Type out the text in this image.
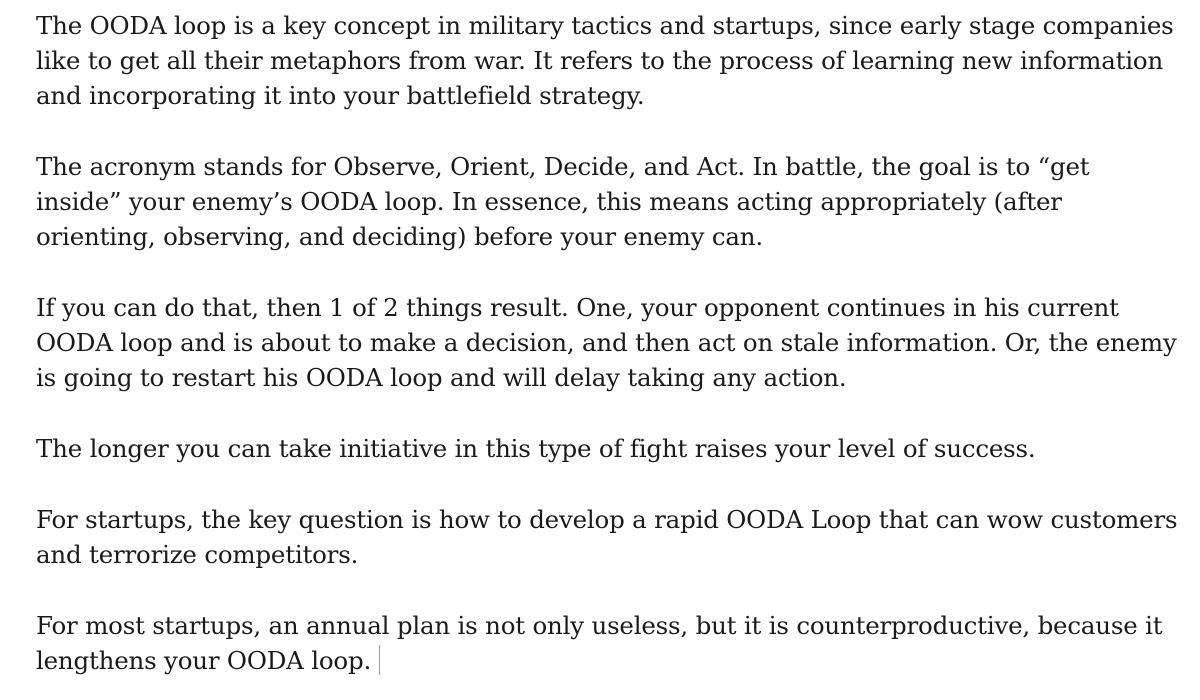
The OODA loop is a key concept in military tactics and startups, since early stage companies like to get all their metaphors from war. It refers to the process of learning new information and incorporating it into your battlefield strategy.

The acronym stands for Observe, Orient, Decide, and Act. In battle, the goal is to “get inside” your enemy’s OODA loop. In essence, this means acting appropriately (after orienting, observing, and deciding) before your enemy can.

If you can do that, then 1 of 2 things result. One, your opponent continues in his current OODA loop and is about to make a decision, and then act on stale information. Or, the enemy is going to restart his OODA loop and will delay taking any action.

The longer you can take initiative in this type of fight raises your level of success.

For startups, the key question is how to develop a rapid OODA Loop that can wow customers and terrorize competitors.

For most startups, an annual plan is not only useless, but it is counterproductive, because it lengthens your OODA loop.
